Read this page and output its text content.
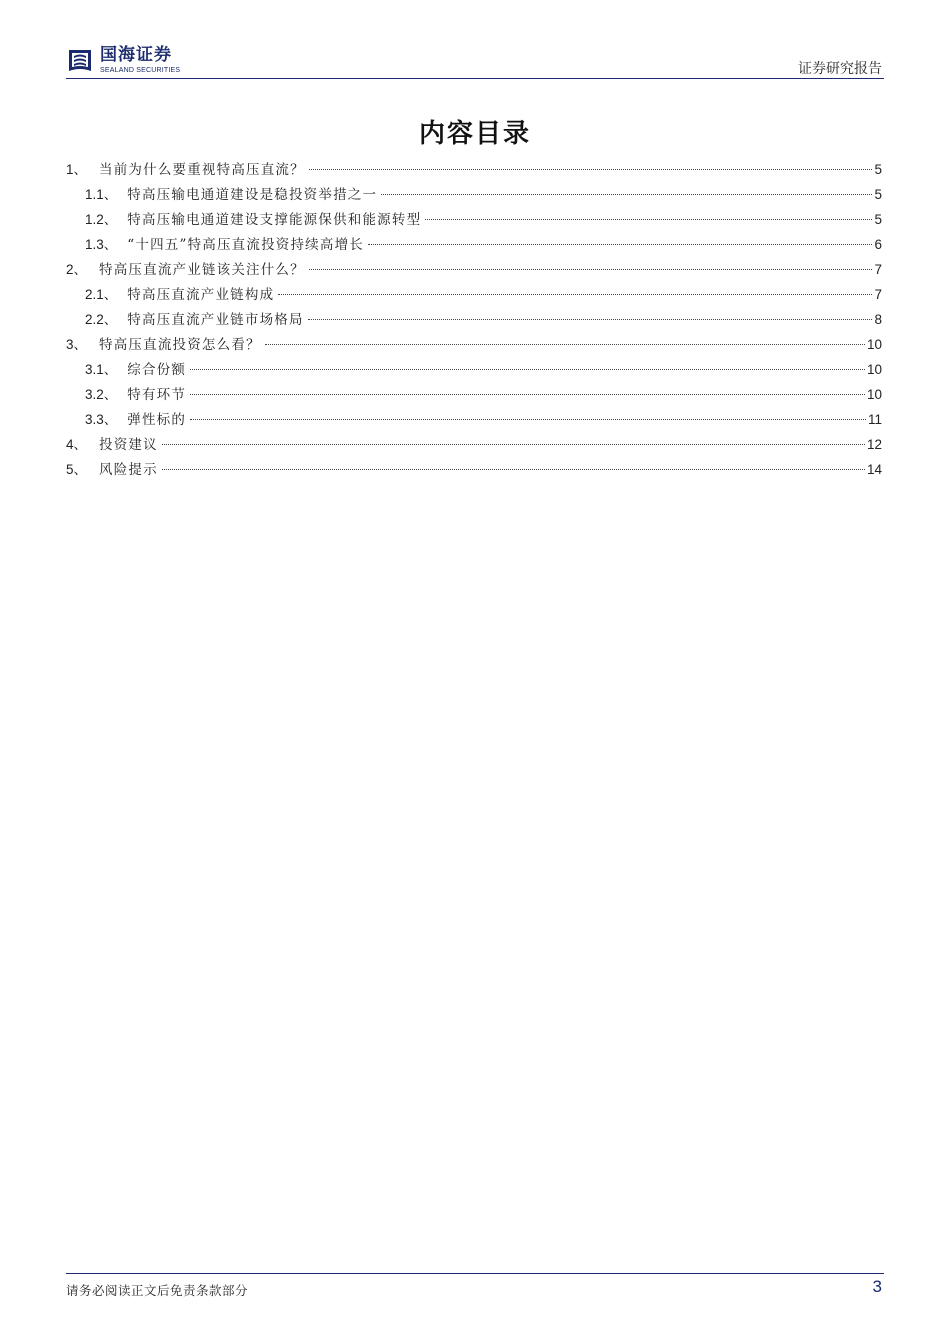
国海证券
SEALAND SECURITIES	证券研究报告
内容目录
1 、 当前为什么要重视特高压直流？	5
1.1 、 特高压输电通道建设是稳投资举措之一	5
1.2 、 特高压输电通道建设支撑能源保供和能源转型	5
1.3 、 “十四五”特高压直流投资持续高增长	6
2 、 特高压直流产业链该关注什么？	7
2.1 、 特高压直流产业链构成	7
2.2 、 特高压直流产业链市场格局	8
3 、 特高压直流投资怎么看？	10
3.1 、 综合份额	10
3.2 、 特有环节	10
3.3 、 弹性标的	11
4 、 投资建议	12
5 、 风险提示	14
请务必阅读正文后免责条款部分	3
